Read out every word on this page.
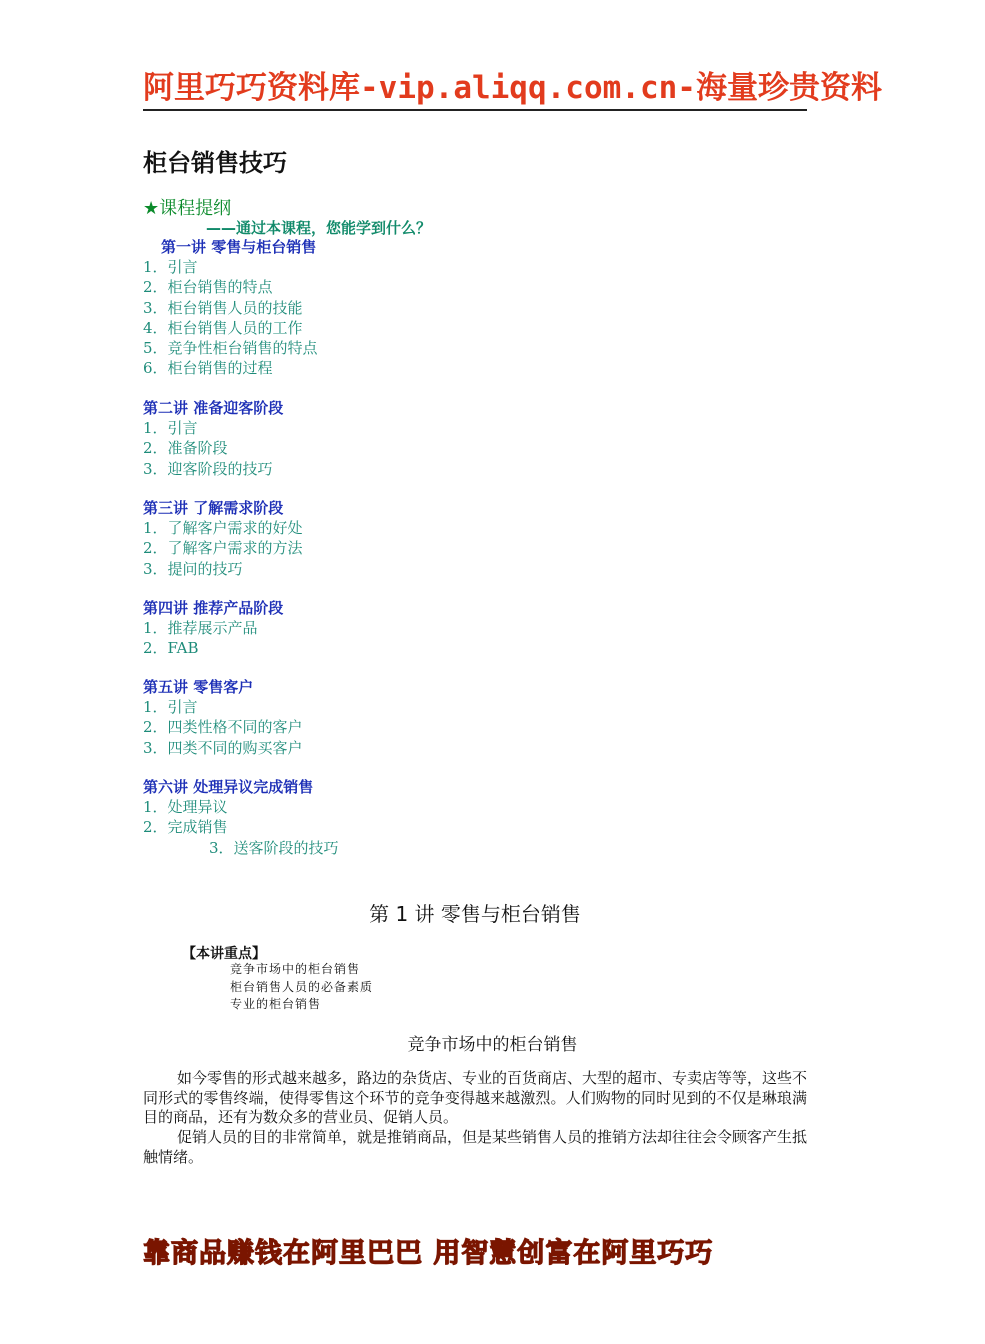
阿里巧巧资料库-vip.aliqq.com.cn-海量珍贵资料
柜台销售技巧
★课程提纲
——通过本课程，您能学到什么？
第一讲 零售与柜台销售
1．引言
2．柜台销售的特点
3．柜台销售人员的技能
4．柜台销售人员的工作
5．竞争性柜台销售的特点
6．柜台销售的过程
第二讲 准备迎客阶段
1．引言
2．准备阶段
3．迎客阶段的技巧
第三讲 了解需求阶段
1．了解客户需求的好处
2．了解客户需求的方法
3．提问的技巧
第四讲 推荐产品阶段
1．推荐展示产品
2．FAB
第五讲 零售客户
1．引言
2．四类性格不同的客户
3．四类不同的购买客户
第六讲 处理异议完成销售
1．处理异议
2．完成销售
3．送客阶段的技巧
第 1 讲 零售与柜台销售
【本讲重点】
竞争市场中的柜台销售
柜台销售人员的必备素质
专业的柜台销售
竞争市场中的柜台销售
如今零售的形式越来越多，路边的杂货店、专业的百货商店、大型的超市、专卖店等等，这些不同形式的零售终端，使得零售这个环节的竞争变得越来越激烈。人们购物的同时见到的不仅是琳琅满目的商品，还有为数众多的营业员、促销人员。
促销人员的目的非常简单，就是推销商品，但是某些销售人员的推销方法却往往会令顾客产生抵触情绪。
靠商品赚钱在阿里巴巴 用智慧创富在阿里巧巧
